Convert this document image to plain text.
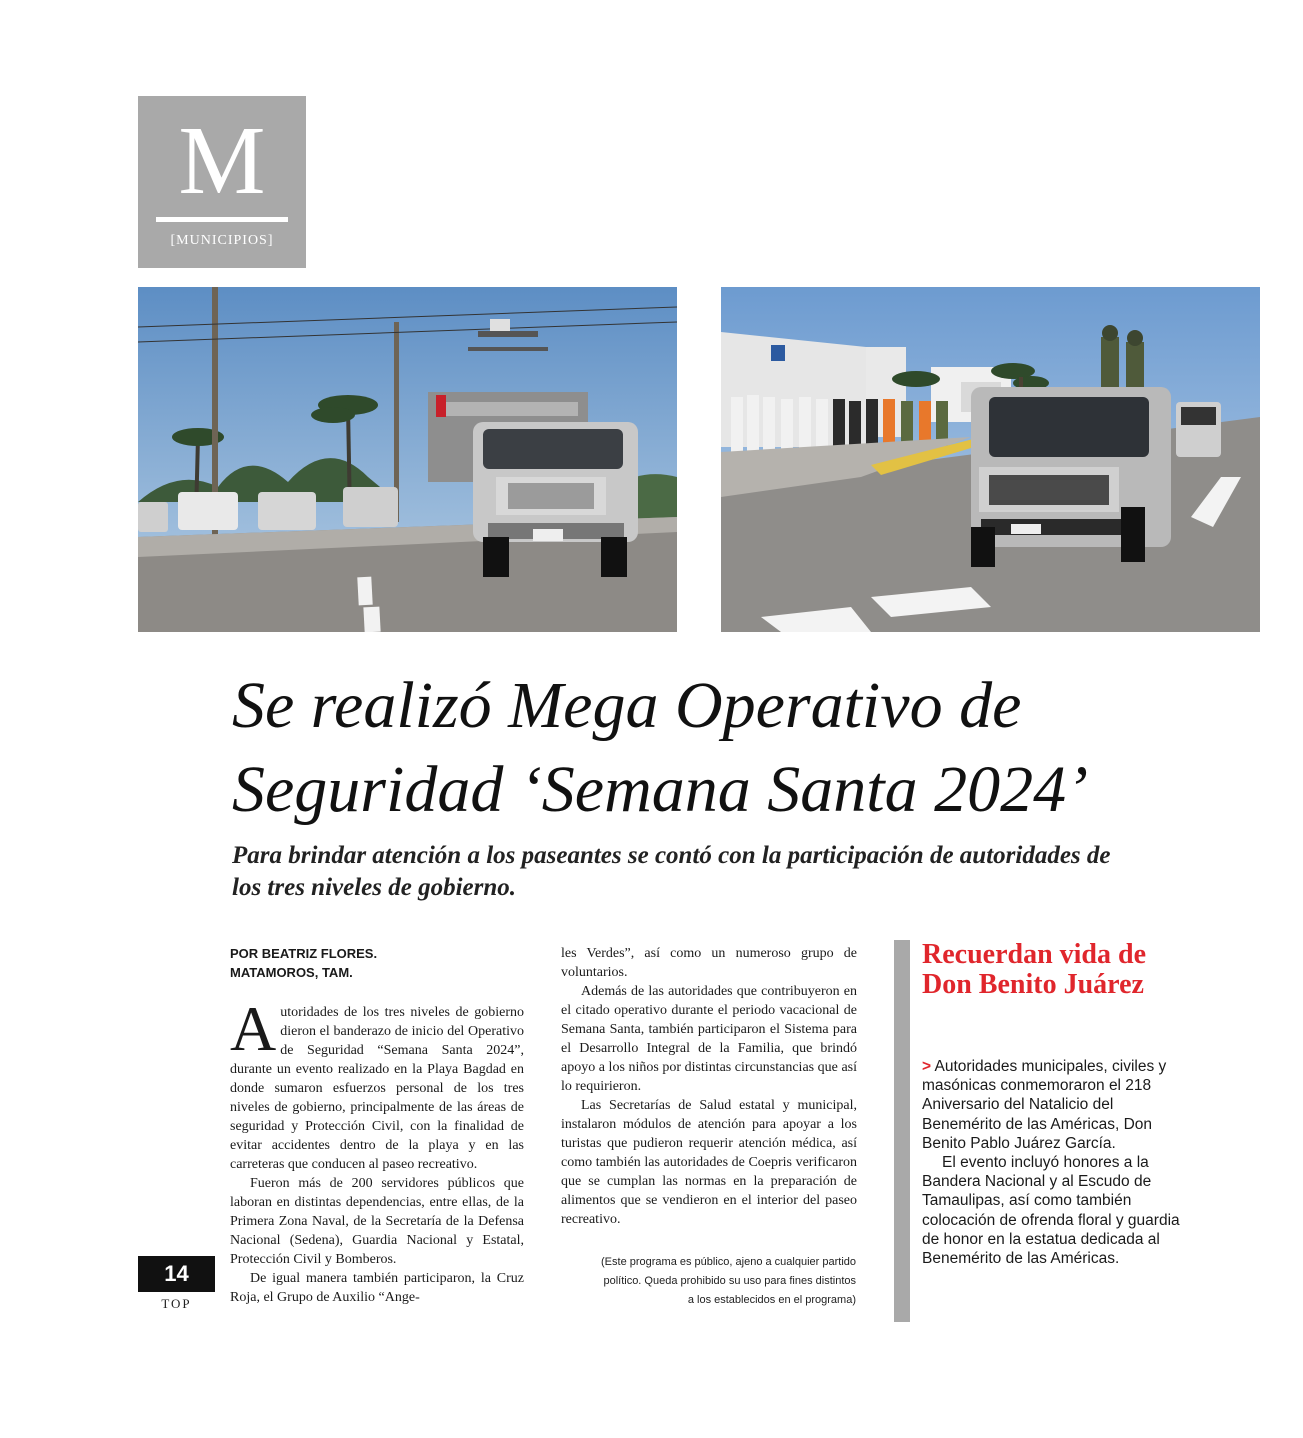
M
[MUNICIPIOS]
Se realizó Mega Operativo de Seguridad ‘Semana Santa 2024’

Para brindar atención a los paseantes se contó con la participación de autoridades de los tres niveles de gobierno.

POR BEATRIZ FLORES.
MATAMOROS, TAM.

Autoridades de los tres niveles de gobierno dieron el banderazo de inicio del Operativo de Seguridad “Semana Santa 2024”, durante un evento realizado en la Playa Bagdad en donde sumaron esfuerzos personal de los tres niveles de gobierno, principalmente de las áreas de seguridad y Protección Civil, con la finalidad de evitar accidentes dentro de la playa y en las carreteras que conducen al paseo recreativo.

Fueron más de 200 servidores públicos que laboran en distintas dependencias, entre ellas, de la Primera Zona Naval, de la Secretaría de la Defensa Nacional (Sedena), Guardia Nacional y Estatal, Protección Civil y Bomberos.

De igual manera también participaron, la Cruz Roja, el Grupo de Auxilio “Ange-

les Verdes”, así como un numeroso grupo de voluntarios.

Además de las autoridades que contribuyeron en el citado operativo durante el periodo vacacional de Semana Santa, también participaron el Sistema para el Desarrollo Integral de la Familia, que brindó apoyo a los niños por distintas circunstancias que así lo requirieron.

Las Secretarías de Salud estatal y municipal, instalaron módulos de atención para apoyar a los turistas que pudieron requerir atención médica, así como también las autoridades de Coepris verificaron que se cumplan las normas en la preparación de alimentos que se vendieron en el interior del paseo recreativo.

(Este programa es público, ajeno a cualquier partido político. Queda prohibido su uso para fines distintos a los establecidos en el programa)
14
TOP
Recuerdan vida de Don Benito Juárez

> Autoridades municipales, civiles y masónicas conmemoraron el 218 Aniversario del Natalicio del Benemérito de las Américas, Don Benito Pablo Juárez García.

El evento incluyó honores a la Bandera Nacional y al Escudo de Tamaulipas, así como también colocación de ofrenda floral y guardia de honor en la estatua dedicada al Benemérito de las Américas.
